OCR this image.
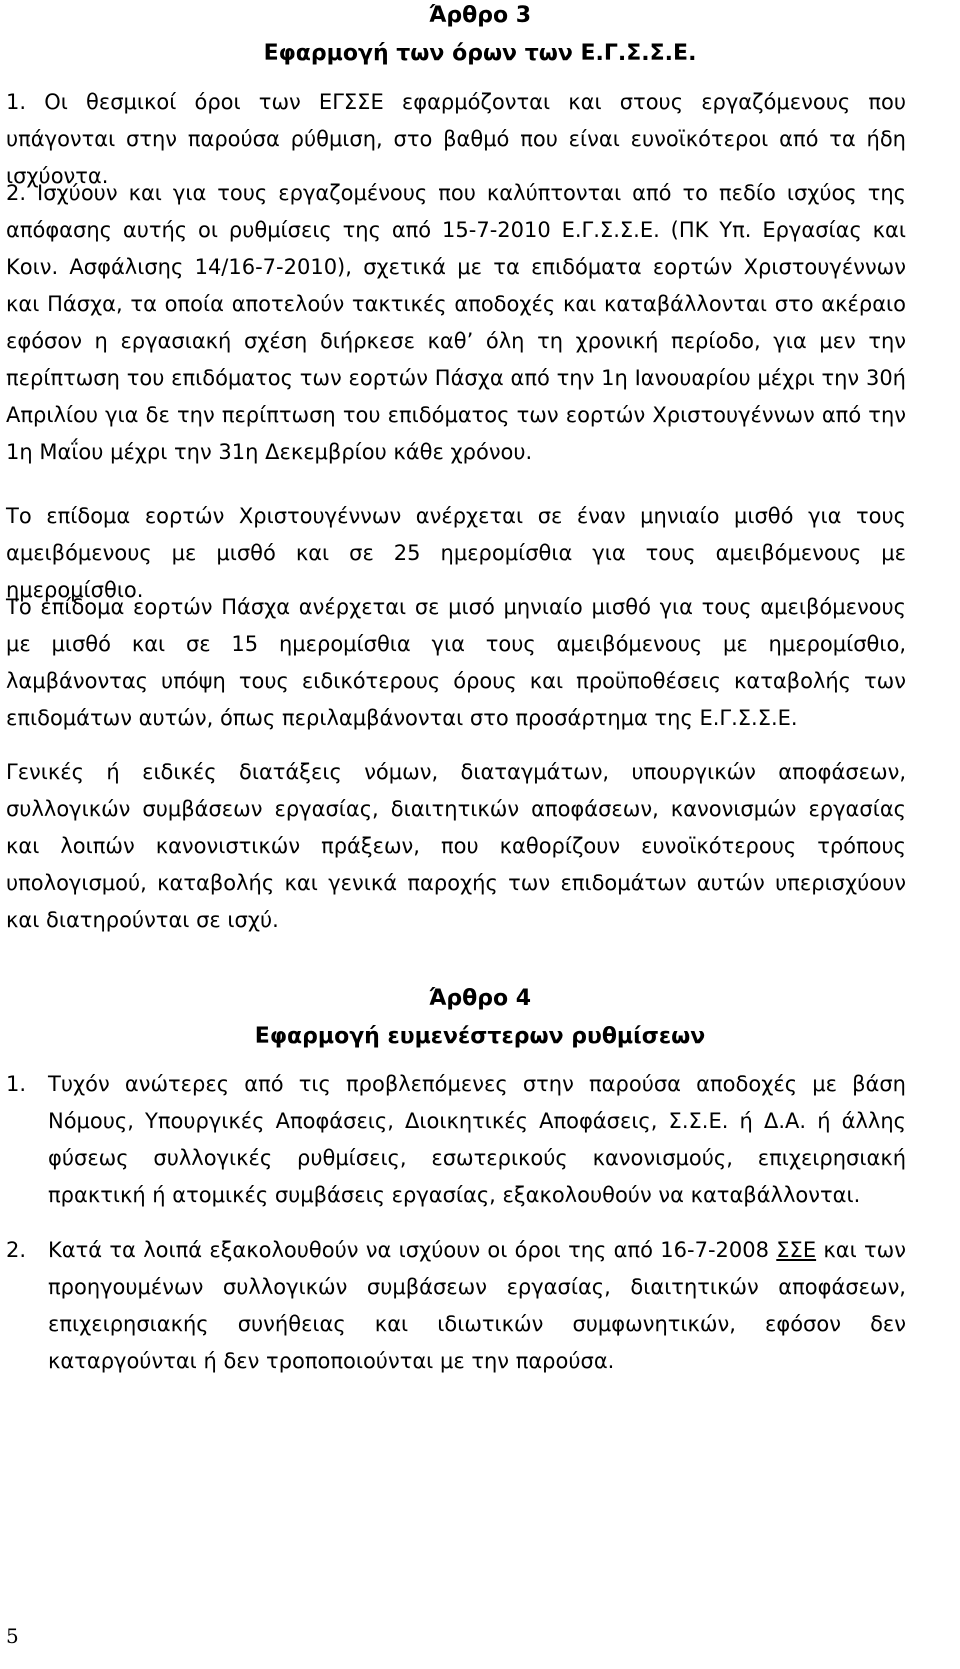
Άρθρο 3
Εφαρμογή των όρων των Ε.Γ.Σ.Σ.Ε.

1. Οι θεσμικοί όροι των ΕΓΣΣΕ εφαρμόζονται και στους εργαζόμενους που υπάγονται στην παρούσα ρύθμιση, στο βαθμό που είναι ευνοϊκότεροι από τα ήδη ισχύοντα.

2. Ισχύουν και για τους εργαζομένους που καλύπτονται από το πεδίο ισχύος της απόφασης αυτής οι ρυθμίσεις της από 15-7-2010 Ε.Γ.Σ.Σ.Ε. (ΠΚ Υπ. Εργασίας και Κοιν. Ασφάλισης 14/16-7-2010), σχετικά με τα επιδόματα εορτών Χριστουγέννων και Πάσχα, τα οποία αποτελούν τακτικές αποδοχές και καταβάλλονται στο ακέραιο εφόσον η εργασιακή σχέση διήρκεσε καθ’ όλη τη χρονική περίοδο, για μεν την περίπτωση του επιδόματος των εορτών Πάσχα από την 1η Ιανουαρίου μέχρι την 30ή Απριλίου για δε την περίπτωση του επιδόματος των εορτών Χριστουγέννων από την 1η Μαΐου μέχρι την 31η Δεκεμβρίου κάθε χρόνου.

Το επίδομα εορτών Χριστουγέννων ανέρχεται σε έναν μηνιαίο μισθό για τους αμειβόμενους με μισθό και σε 25 ημερομίσθια για τους αμειβόμενους με ημερομίσθιο.

Το επίδομα εορτών Πάσχα ανέρχεται σε μισό μηνιαίο μισθό για τους αμειβόμενους με μισθό και σε 15 ημερομίσθια για τους αμειβόμενους με ημερομίσθιο, λαμβάνοντας υπόψη τους ειδικότερους όρους και προϋποθέσεις καταβολής των επιδομάτων αυτών, όπως περιλαμβάνονται στο προσάρτημα της Ε.Γ.Σ.Σ.Ε.

Γενικές ή ειδικές διατάξεις νόμων, διαταγμάτων, υπουργικών αποφάσεων, συλλογικών συμβάσεων εργασίας, διαιτητικών αποφάσεων, κανονισμών εργασίας και λοιπών κανονιστικών πράξεων, που καθορίζουν ευνοϊκότερους τρόπους υπολογισμού, καταβολής και γενικά παροχής των επιδομάτων αυτών υπερισχύουν και διατηρούνται σε ισχύ.

Άρθρο 4
Εφαρμογή ευμενέστερων ρυθμίσεων
1. Τυχόν ανώτερες από τις προβλεπόμενες στην παρούσα αποδοχές με βάση Νόμους, Υπουργικές Αποφάσεις, Διοικητικές Αποφάσεις, Σ.Σ.Ε. ή Δ.Α. ή άλλης φύσεως συλλογικές ρυθμίσεις, εσωτερικούς κανονισμούς, επιχειρησιακή πρακτική ή ατομικές συμβάσεις εργασίας, εξακολουθούν να καταβάλλονται.

2. Κατά τα λοιπά εξακολουθούν να ισχύουν οι όροι της από 16-7-2008 ΣΣΕ και των προηγουμένων συλλογικών συμβάσεων εργασίας, διαιτητικών αποφάσεων, επιχειρησιακής συνήθειας και ιδιωτικών συμφωνητικών, εφόσον δεν καταργούνται ή δεν τροποποιούνται με την παρούσα.

5
